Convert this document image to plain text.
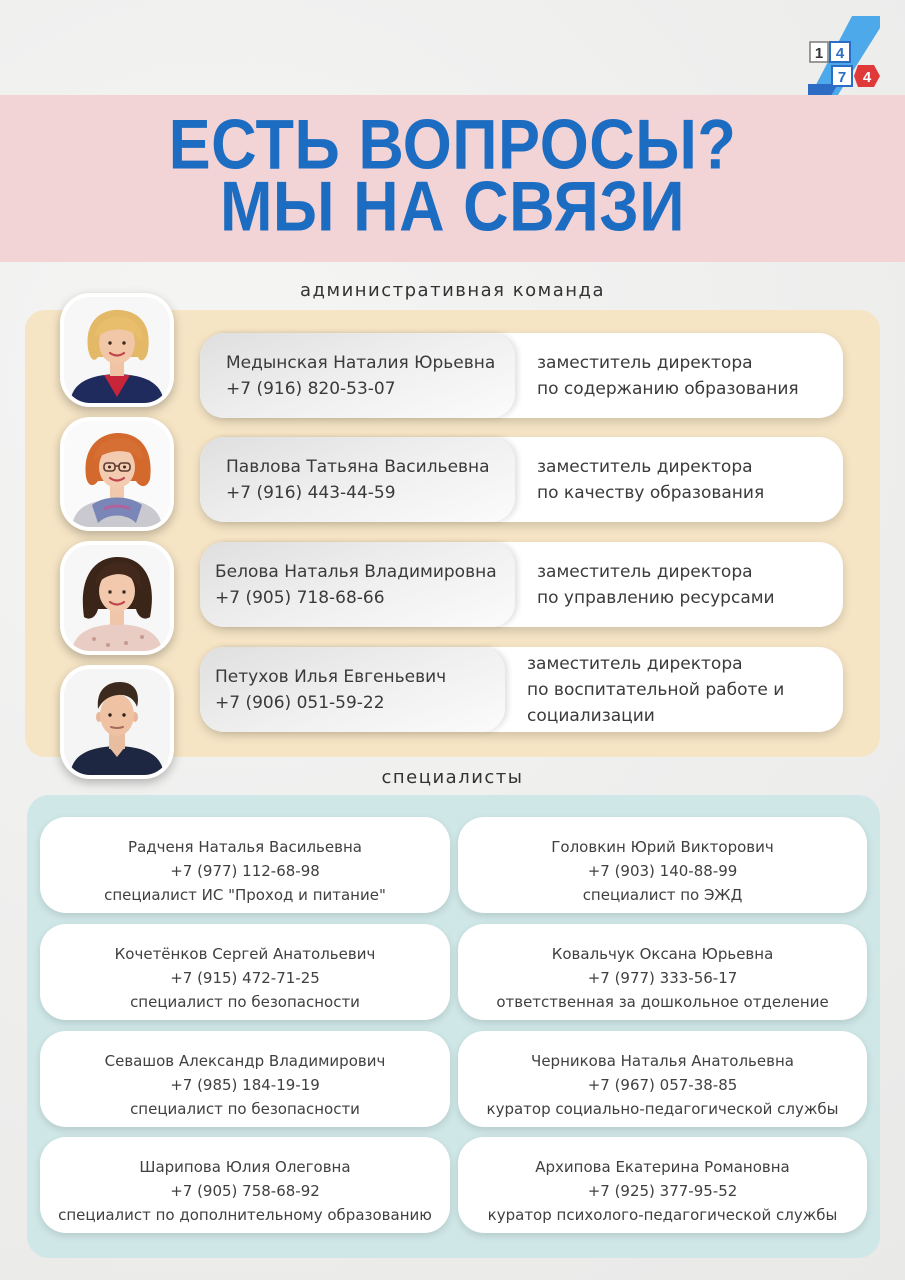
1 4
7 4
ЕСТЬ ВОПРОСЫ?
МЫ НА СВЯЗИ
административная команда
Медынская Наталия Юрьевна
+7 (916) 820-53-07
заместитель директора
по содержанию образования
Павлова Татьяна Васильевна
+7 (916) 443-44-59
заместитель директора
по качеству образования
Белова Наталья Владимировна
+7 (905) 718-68-66
заместитель директора
по управлению ресурсами
Петухов Илья Евгеньевич
+7 (906) 051-59-22
заместитель директора
по воспитательной работе и
социализации
специалисты
Радченя Наталья Васильевна
+7 (977) 112-68-98
специалист ИС "Проход и питание"
Головкин Юрий Викторович
+7 (903) 140-88-99
специалист по ЭЖД
Кочетёнков Сергей Анатольевич
+7 (915) 472-71-25
специалист по безопасности
Ковальчук Оксана Юрьевна
+7 (977) 333-56-17
ответственная за дошкольное отделение
Севашов Александр Владимирович
+7 (985) 184-19-19
специалист по безопасности
Черникова Наталья Анатольевна
+7 (967) 057-38-85
куратор социально-педагогической службы
Шарипова Юлия Олеговна
+7 (905) 758-68-92
специалист по дополнительному образованию
Архипова Екатерина Романовна
+7 (925) 377-95-52
куратор психолого-педагогической службы
